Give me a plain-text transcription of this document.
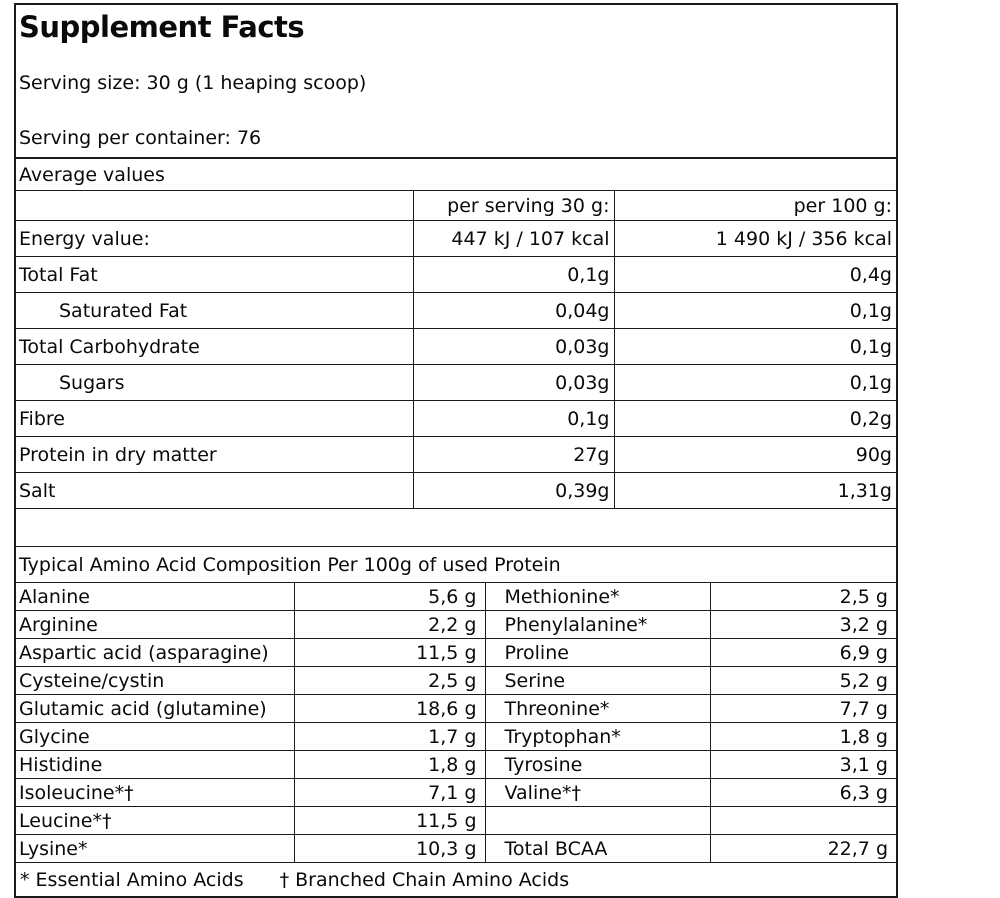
Supplement Facts
Serving size: 30 g (1 heaping scoop)
Serving per container: 76
Average values
	per serving 30 g:	per 100 g:
Energy value:	447 kJ / 107 kcal	1 490 kJ / 356 kcal
Total Fat	0,1g	0,4g
Saturated Fat	0,04g	0,1g
Total Carbohydrate	0,03g	0,1g
Sugars	0,03g	0,1g
Fibre	0,1g	0,2g
Protein in dry matter	27g	90g
Salt	0,39g	1,31g
Typical Amino Acid Composition Per 100g of used Protein
Alanine	5,6 g	Methionine*	2,5 g
Arginine	2,2 g	Phenylalanine*	3,2 g
Aspartic acid (asparagine)	11,5 g	Proline	6,9 g
Cysteine/cystin	2,5 g	Serine	5,2 g
Glutamic acid (glutamine)	18,6 g	Threonine*	7,7 g
Glycine	1,7 g	Tryptophan*	1,8 g
Histidine	1,8 g	Tyrosine	3,1 g
Isoleucine*†	7,1 g	Valine*†	6,3 g
Leucine*†	11,5 g		
Lysine*	10,3 g	Total BCAA	22,7 g
* Essential Amino Acids † Branched Chain Amino Acids
